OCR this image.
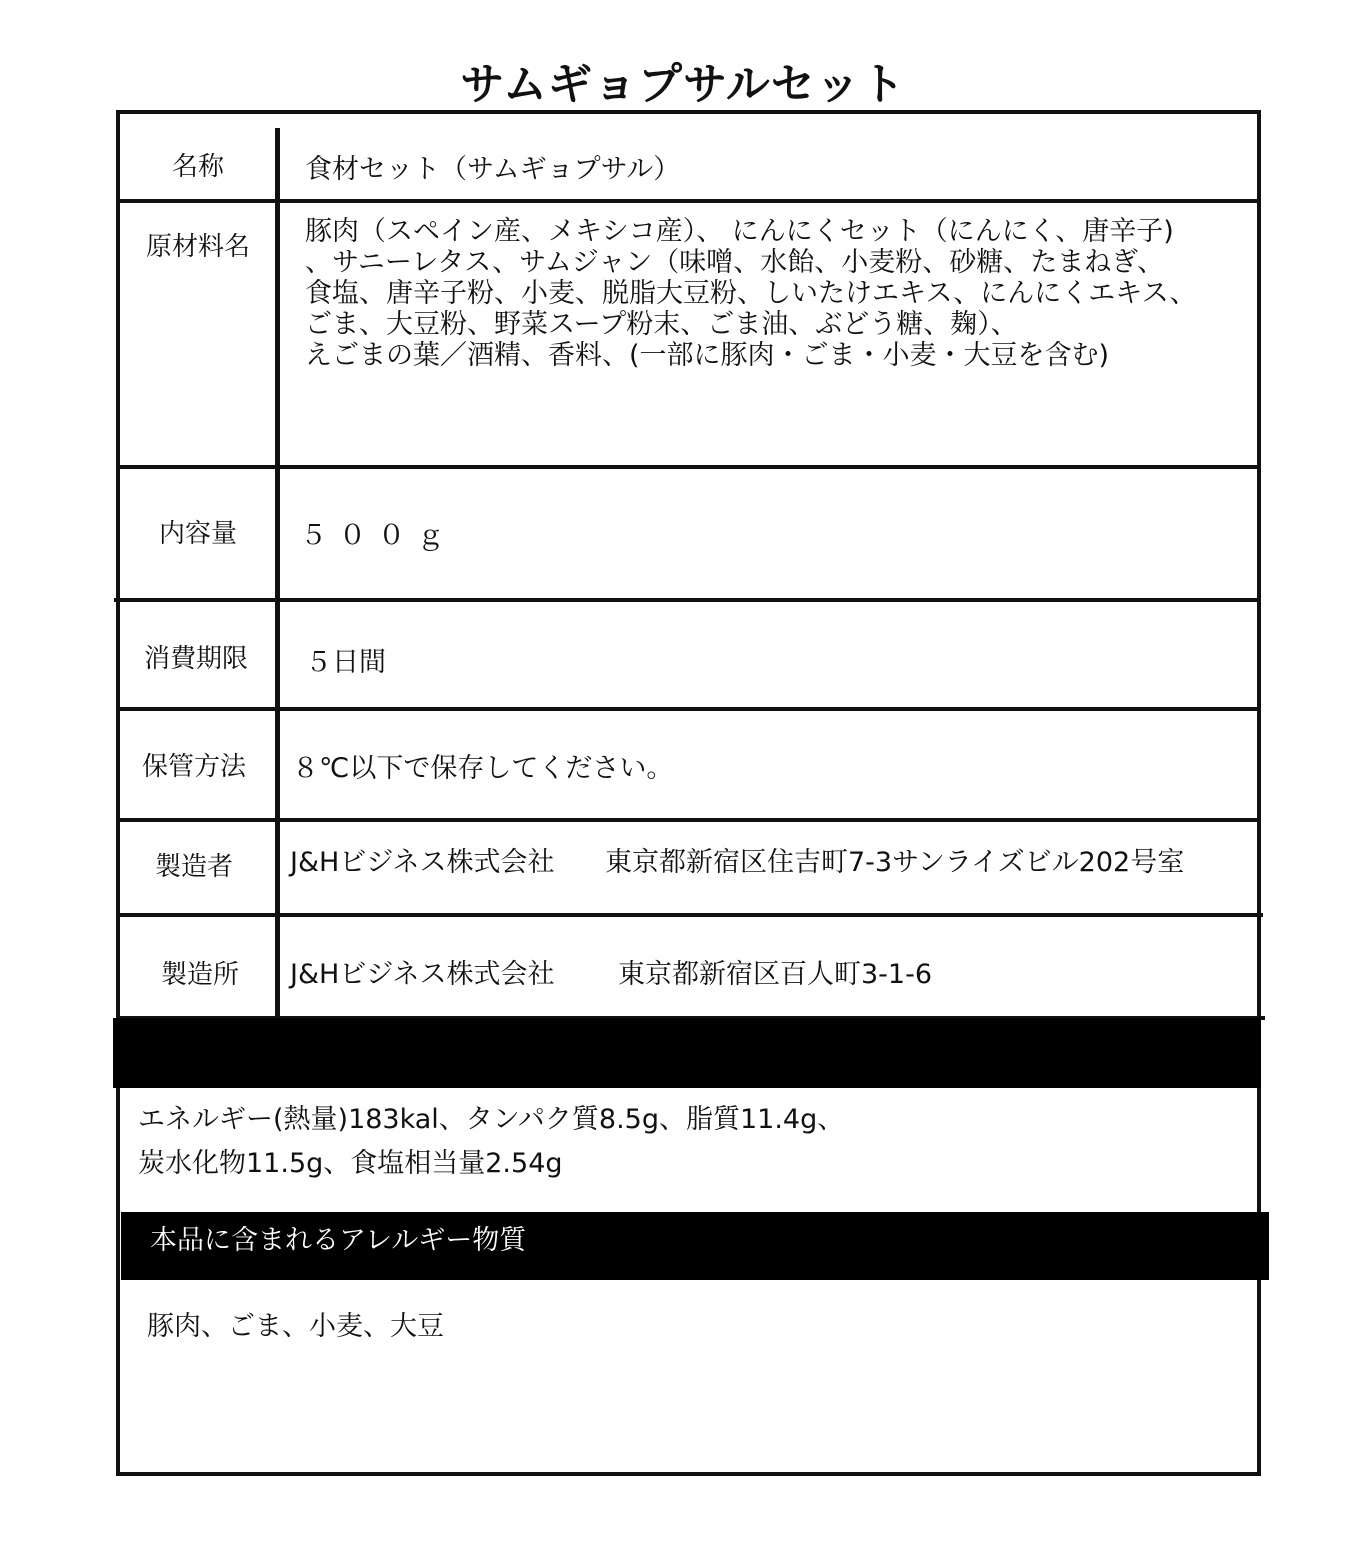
サムギョプサルセット
名称	食材セット（サムギョプサル）
原材料名	豚肉（スペイン産、メキシコ産）、 にんにくセット（にんにく、唐辛子)
、サニーレタス、サムジャン（味噌、水飴、小麦粉、砂糖、たまねぎ、
食塩、唐辛子粉、小麦、脱脂大豆粉、しいたけエキス、にんにくエキス、
ごま、大豆粉、野菜スープ粉末、ごま油、ぶどう糖、麹）、
えごまの葉／酒精、香料、(一部に豚肉・ごま・小麦・大豆を含む)
内容量	５００ｇ
消費期限	５日間
保管方法	８℃以下で保存してください。
製造者	J&Hビジネス株式会社 東京都新宿区住吉町7-3サンライズビル202号室
製造所	J&Hビジネス株式会社 東京都新宿区百人町3-1-6
エネルギー(熱量)183kal、タンパク質8.5g、脂質11.4g、
炭水化物11.5g、食塩相当量2.54g
本品に含まれるアレルギー物質
豚肉、ごま、小麦、大豆
